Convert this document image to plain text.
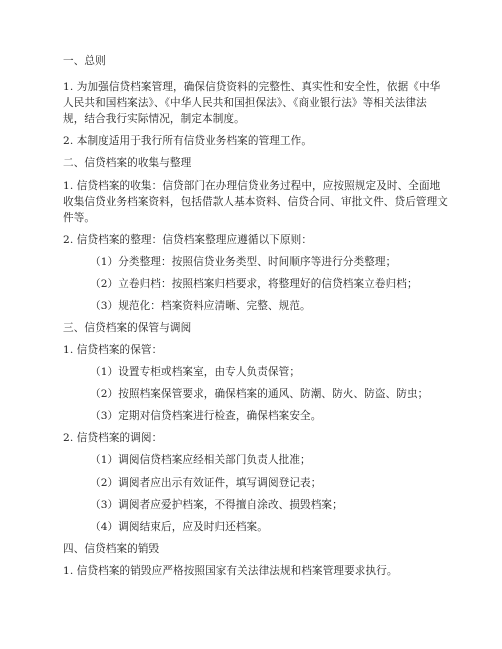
一、总则
1. 为加强信贷档案管理，确保信贷资料的完整性、真实性和安全性，依据《中华
人民共和国档案法》、《中华人民共和国担保法》、《商业银行法》等相关法律法
规，结合我行实际情况，制定本制度。
2. 本制度适用于我行所有信贷业务档案的管理工作。
二、信贷档案的收集与整理
1. 信贷档案的收集：信贷部门在办理信贷业务过程中，应按照规定及时、全面地
收集信贷业务档案资料，包括借款人基本资料、信贷合同、审批文件、贷后管理文
件等。
2. 信贷档案的整理：信贷档案整理应遵循以下原则：
（1）分类整理：按照信贷业务类型、时间顺序等进行分类整理；
（2）立卷归档：按照档案归档要求，将整理好的信贷档案立卷归档；
（3）规范化：档案资料应清晰、完整、规范。
三、信贷档案的保管与调阅
1. 信贷档案的保管：
（1）设置专柜或档案室，由专人负责保管；
（2）按照档案保管要求，确保档案的通风、防潮、防火、防盗、防虫；
（3）定期对信贷档案进行检查，确保档案安全。
2. 信贷档案的调阅：
（1）调阅信贷档案应经相关部门负责人批准；
（2）调阅者应出示有效证件，填写调阅登记表；
（3）调阅者应爱护档案，不得擅自涂改、损毁档案；
（4）调阅结束后，应及时归还档案。
四、信贷档案的销毁
1. 信贷档案的销毁应严格按照国家有关法律法规和档案管理要求执行。
